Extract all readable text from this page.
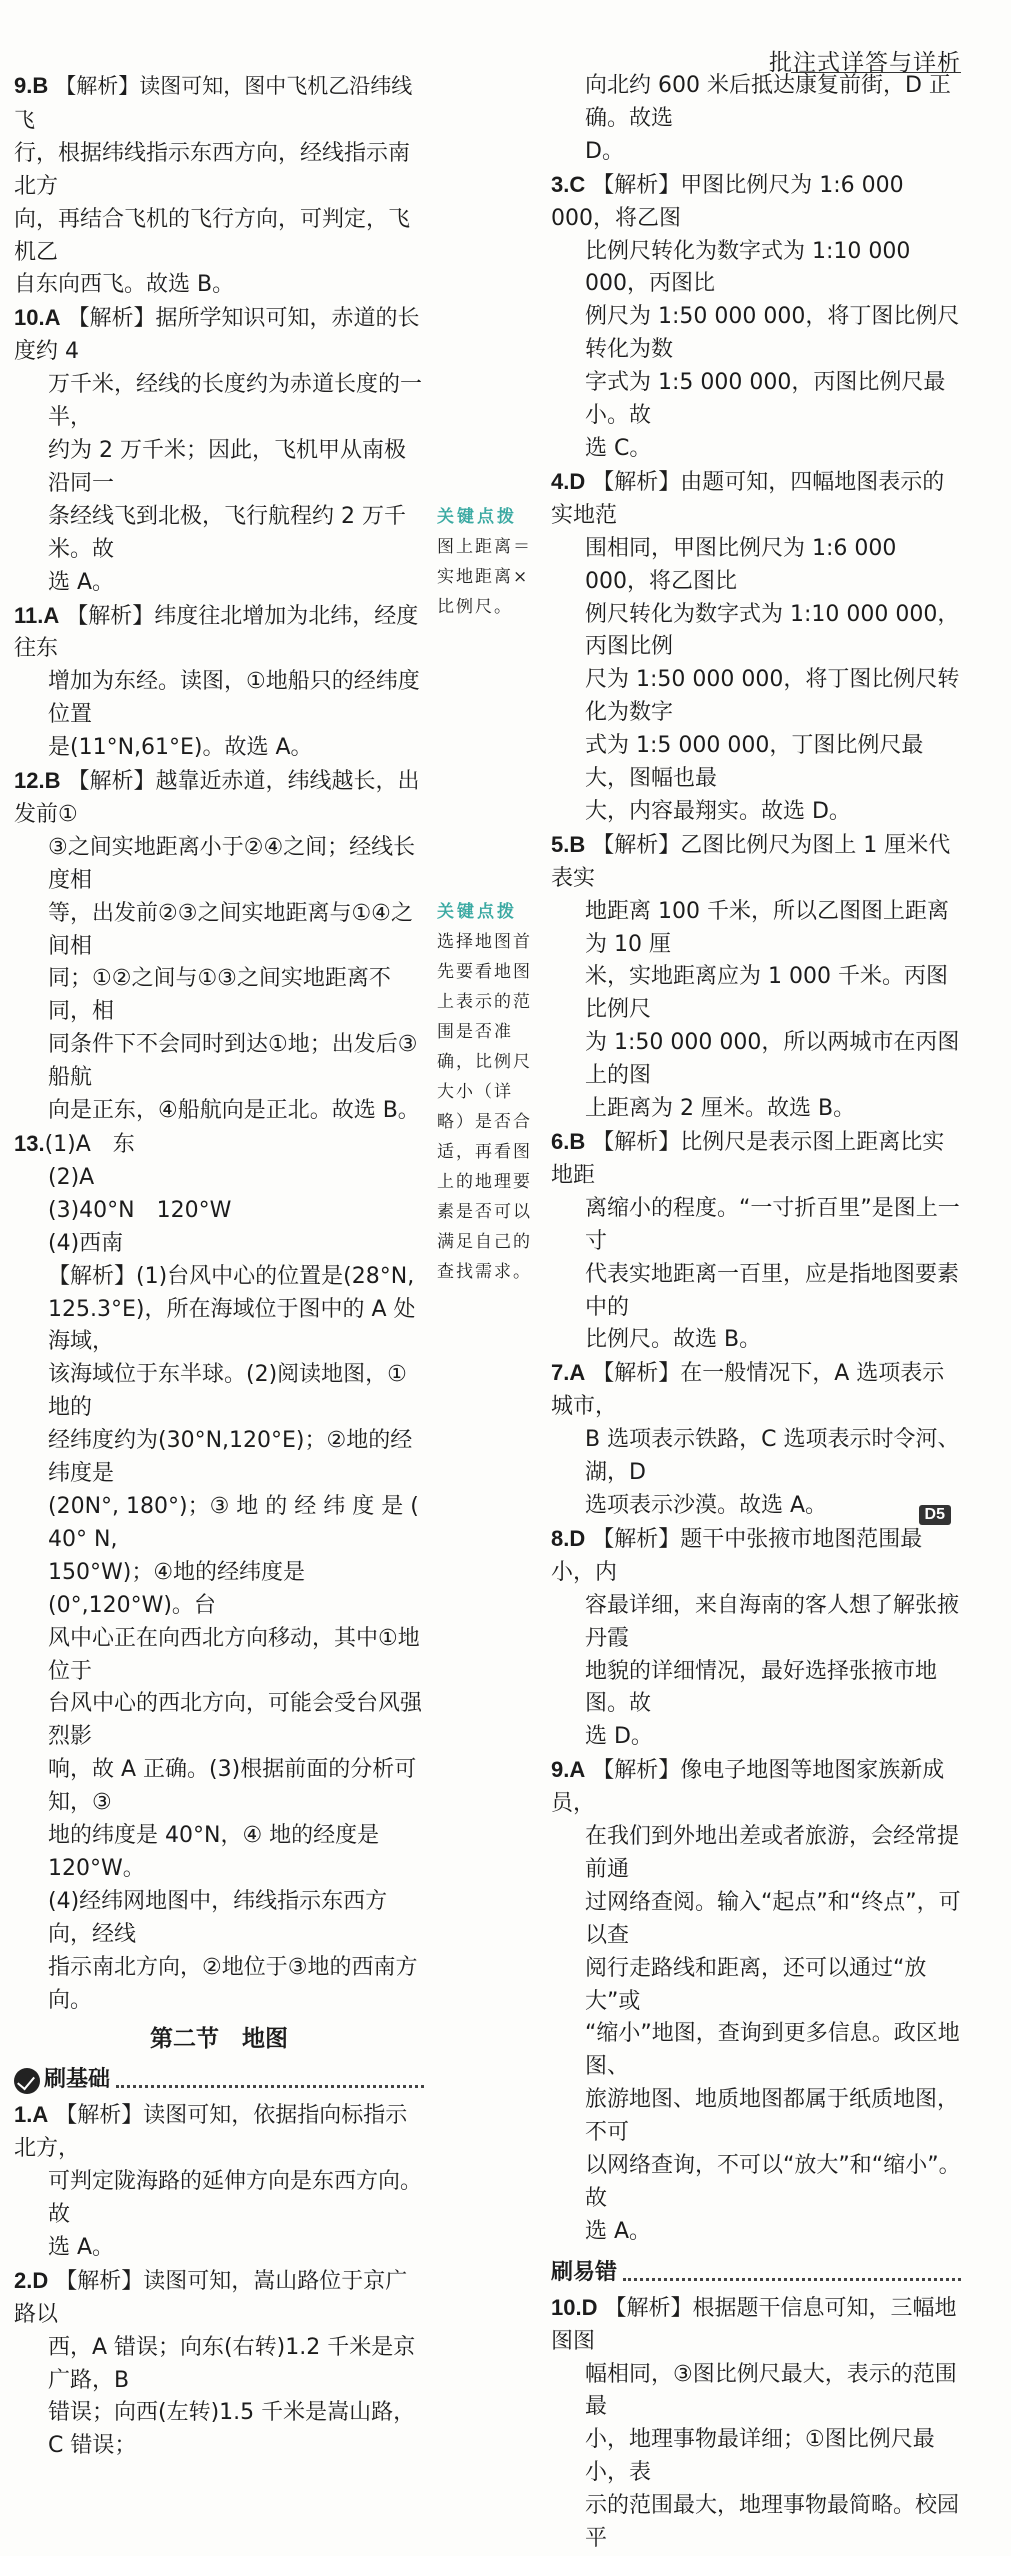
批注式详答与详析

9.B 【解析】读图可知，图中飞机乙沿纬线飞

行，根据纬线指示东西方向，经线指示南北方

向，再结合飞机的飞行方向，可判定，飞机乙

自东向西飞。故选 B。

10.A 【解析】据所学知识可知，赤道的长度约 4

万千米，经线的长度约为赤道长度的一半，

约为 2 万千米；因此，飞机甲从南极沿同一

条经线飞到北极，飞行航程约 2 万千米。故

选 A。

11.A 【解析】纬度往北增加为北纬，经度往东

增加为东经。读图，①地船只的经纬度位置

是(11°N,61°E)。故选 A。

12.B 【解析】越靠近赤道，纬线越长，出发前①

③之间实地距离小于②④之间；经线长度相

等，出发前②③之间实地距离与①④之间相

同；①②之间与①③之间实地距离不同，相

同条件下不会同时到达①地；出发后③船航

向是正东，④船航向是正北。故选 B。

13.(1)A　东

(2)A

(3)40°N　120°W

(4)西南

【解析】(1)台风中心的位置是(28°N,

125.3°E)，所在海域位于图中的 A 处海域，

该海域位于东半球。(2)阅读地图，①地的

经纬度约为(30°N,120°E)；②地的经纬度是

(20N°, 180°)；③ 地 的 经 纬 度 是 ( 40° N,

150°W)；④地的经纬度是(0°,120°W)。台

风中心正在向西北方向移动，其中①地位于

台风中心的西北方向，可能会受台风强烈影

响，故 A 正确。(3)根据前面的分析可知，③

地的纬度是 40°N，④ 地的经度是 120°W。

(4)经纬网地图中，纬线指示东西方向，经线

指示南北方向，②地位于③地的西南方向。

第二节　地图
刷基础

1.A 【解析】读图可知，依据指向标指示北方，

可判定陇海路的延伸方向是东西方向。故

选 A。

2.D 【解析】读图可知，嵩山路位于京广路以

西，A 错误；向东(右转)1.2 千米是京广路，B

错误；向西(左转)1.5 千米是嵩山路，C 错误；

关键点拨
图上距离＝实地距离×比例尺。
关键点拨
选择地图首先要看地图上表示的范围是否准确，比例尺大小（详略）是否合适，再看图上的地理要素是否可以满足自己的查找需求。

向北约 600 米后抵达康复前街，D 正确。故选

D。

3.C 【解析】甲图比例尺为 1:6 000 000，将乙图

比例尺转化为数字式为 1:10 000 000，丙图比

例尺为 1:50 000 000，将丁图比例尺转化为数

字式为 1:5 000 000，丙图比例尺最小。故

选 C。

4.D 【解析】由题可知，四幅地图表示的实地范

围相同，甲图比例尺为 1:6 000 000，将乙图比

例尺转化为数字式为 1:10 000 000，丙图比例

尺为 1:50 000 000，将丁图比例尺转化为数字

式为 1:5 000 000，丁图比例尺最大，图幅也最

大，内容最翔实。故选 D。

5.B 【解析】乙图比例尺为图上 1 厘米代表实

地距离 100 千米，所以乙图图上距离为 10 厘

米，实地距离应为 1 000 千米。丙图比例尺

为 1:50 000 000，所以两城市在丙图上的图

上距离为 2 厘米。故选 B。

6.B 【解析】比例尺是表示图上距离比实地距

离缩小的程度。“一寸折百里”是图上一寸

代表实地距离一百里，应是指地图要素中的

比例尺。故选 B。

7.A 【解析】在一般情况下，A 选项表示城市，

B 选项表示铁路，C 选项表示时令河、湖，D

选项表示沙漠。故选 A。

8.D 【解析】题干中张掖市地图范围最小，内

容最详细，来自海南的客人想了解张掖丹霞

地貌的详细情况，最好选择张掖市地图。故

选 D。

9.A 【解析】像电子地图等地图家族新成员，

在我们到外地出差或者旅游，会经常提前通

过网络查阅。输入“起点”和“终点”，可以查

阅行走路线和距离，还可以通过“放大”或

“缩小”地图，查询到更多信息。政区地图、

旅游地图、地质地图都属于纸质地图，不可

以网络查询，不可以“放大”和“缩小”。故

选 A。

刷易错

10.D 【解析】根据题干信息可知，三幅地图图

幅相同，③图比例尺最大，表示的范围最

小，地理事物最详细；①图比例尺最小，表

示的范围最大，地理事物最简略。校园平

D5
